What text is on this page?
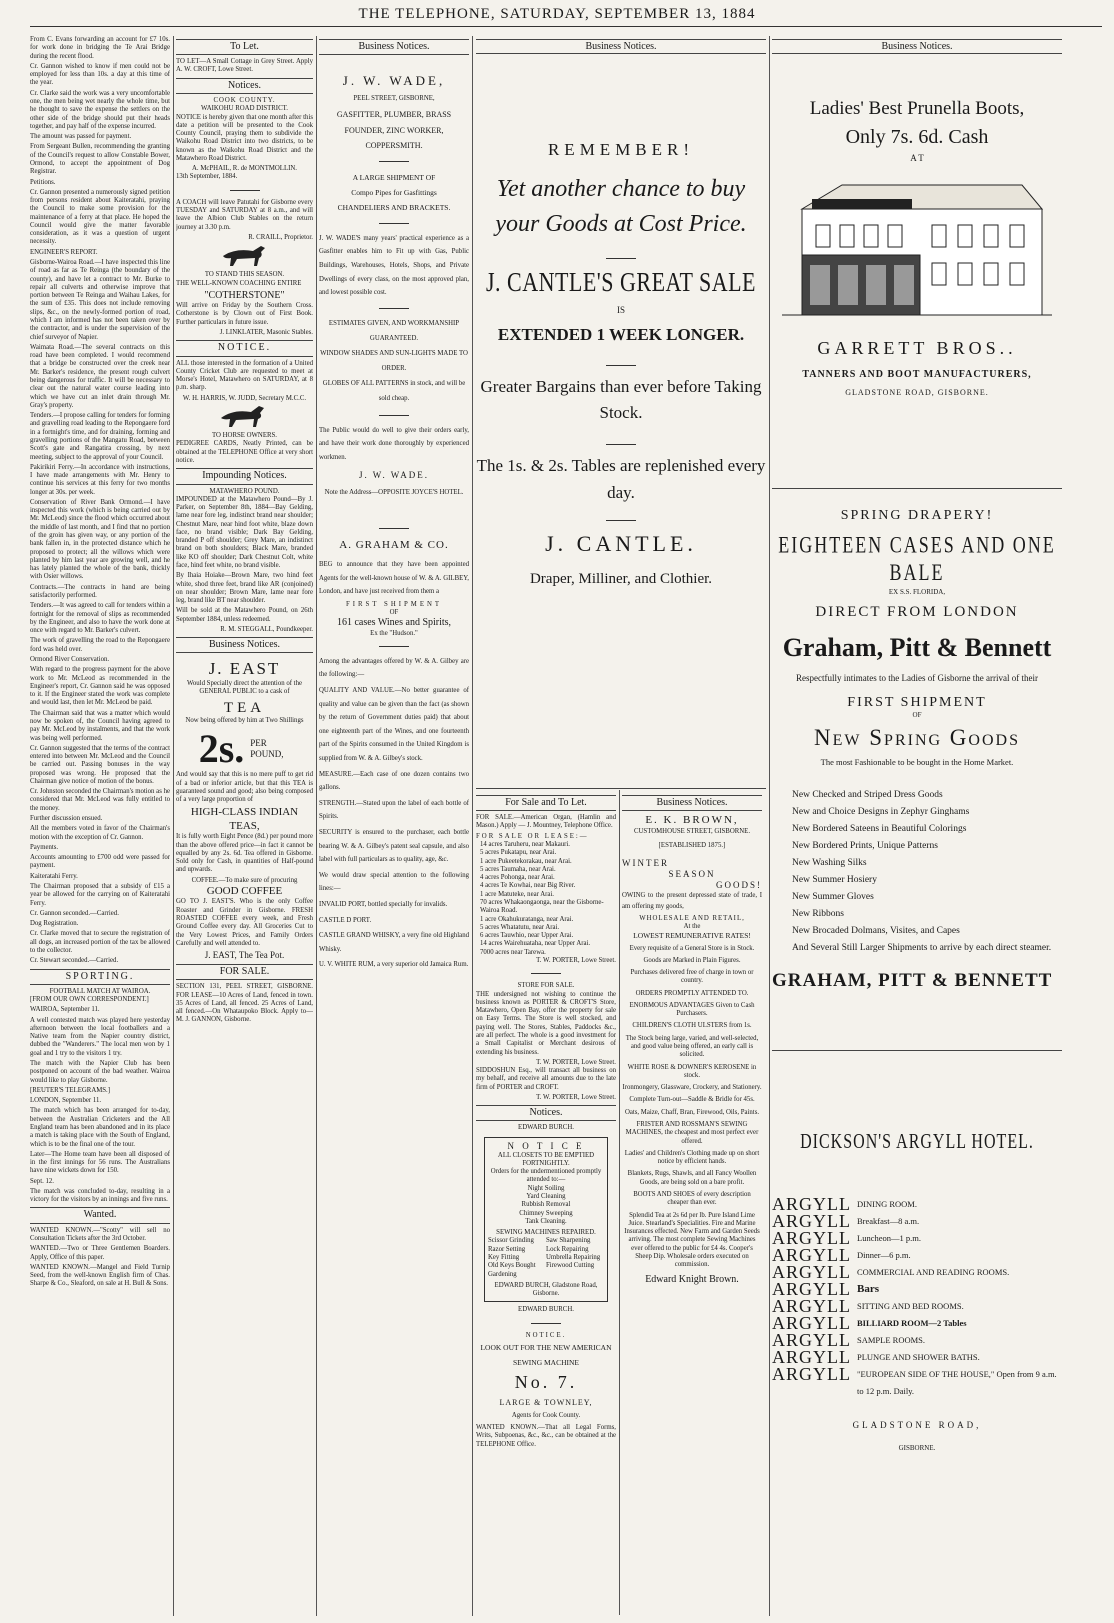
THE TELEPHONE, SATURDAY, SEPTEMBER 13, 1884
From C. Evans forwarding an account for £7 10s. for work done in bridging the Te Arai Bridge during the recent flood.
Cr. Gannon wished to know if men could not be employed for less than 10s. a day at this time of the year.
Cr. Clarke said the work was a very uncomfortable one, the men being wet nearly the whole time, but he thought to save the expense the settlers on the other side of the bridge should put their heads together, and pay half of the expense incurred.
The amount was passed for payment.
From Sergeant Bullen, recommending the granting of the Council's request to allow Constable Bower, Ormond, to accept the appointment of Dog Registrar.
Petitions.
Cr. Gannon presented a numerously signed petition from persons resident about Kaiteratahi, praying the Council to make some provision for the maintenance of a ferry at that place. He hoped the Council would give the matter favorable consideration, as it was a question of urgent necessity.
ENGINEER'S REPORT.
Gisborne-Wairoa Road.—I have inspected this line of road as far as Te Reinga (the boundary of the county), and have let a contract to Mr. Burke to repair all culverts and otherwise improve that portion between Te Reinga and Waihau Lakes, for the sum of £35. This does not include removing slips, &c., on the newly-formed portion of road, which I am informed has not been taken over by the contractor, and is under the supervision of the chief surveyor of Napier.
Waimata Road.—The several contracts on this road have been completed. I would recommend that a bridge be constructed over the creek near Mr. Barker's residence, the present rough culvert being dangerous for traffic. It will be necessary to clear out the natural water course leading into which we have cut an inlet drain through Mr. Gray's property.
Tenders.—I propose calling for tenders for forming and gravelling road leading to the Repongaere ford in a fortnight's time, and for draining, forming and gravelling portions of the Mangatu Road, between Scott's gate and Rangatira crossing, by next meeting, subject to the approval of your Council.
Pakirikiri Ferry.—In accordance with instructions, I have made arrangements with Mr. Henry to continue his services at this ferry for two months longer at 30s. per week.
Conservation of River Bank Ormond.—I have inspected this work (which is being carried out by Mr. McLeod) since the flood which occurred about the middle of last month, and I find that no portion of the groin has given way, or any portion of the bank fallen in, in the protected distance which he proposed to protect; all the willows which were planted by him last year are growing well, and he has lately planted the whole of the bank, thickly with Osier willows.
Contracts.—The contracts in hand are being satisfactorily performed.
Tenders.—It was agreed to call for tenders within a fortnight for the removal of slips as recommended by the Engineer, and also to have the work done at once with regard to Mr. Barker's culvert.
The work of gravelling the road to the Repongaere ford was held over.
Ormond River Conservation.
With regard to the progress payment for the above work to Mr. McLeod as recommended in the Engineer's report, Cr. Gannon said he was opposed to it. If the Engineer stated the work was complete and would last, then let Mr. McLeod be paid.
The Chairman said that was a matter which would now be spoken of, the Council having agreed to pay Mr. McLeod by instalments, and that the work was being well performed.
Cr. Gannon suggested that the terms of the contract entered into between Mr. McLeod and the Council be carried out. Passing bonuses in the way proposed was wrong. He proposed that the Chairman give notice of motion of the bonus.
Cr. Johnston seconded the Chairman's motion as he considered that Mr. McLeod was fully entitled to the money.
Further discussion ensued.
All the members voted in favor of the Chairman's motion with the exception of Cr. Gannon.
Payments.
Accounts amounting to £700 odd were passed for payment.
Kaiteratahi Ferry.
The Chairman proposed that a subsidy of £15 a year be allowed for the carrying on of Kaiteratahi Ferry.
Cr. Gannon seconded.—Carried.
Dog Registration.
Cr. Clarke moved that to secure the registration of all dogs, an increased portion of the tax be allowed to the collector.
Cr. Stewart seconded.—Carried.
SPORTING.
FOOTBALL MATCH AT WAIROA.
[FROM OUR OWN CORRESPONDENT.]
WAIROA, September 11.
A well contested match was played here yesterday afternoon between the local footballers and a Native team from the Napier country district, dubbed the "Wanderers." The local men won by 1 goal and 1 try to the visitors 1 try.
The match with the Napier Club has been postponed on account of the bad weather. Wairoa would like to play Gisborne.
[REUTER'S TELEGRAMS.]
LONDON, September 11.
The match which has been arranged for to-day, between the Australian Cricketers and the All England team has been abandoned and in its place a match is taking place with the South of England, which is to be the final one of the tour.
Later—The Home team have been all disposed of in the first innings for 56 runs. The Australians have nine wickets down for 150.
Sept. 12.
The match was concluded to-day, resulting in a victory for the visitors by an innings and five runs.
Wanted.
WANTED KNOWN.—"Scotty" will sell no Consultation Tickets after the 3rd October.
WANTED.—Two or Three Gentlemen Boarders. Apply, Office of this paper.
WANTED KNOWN.—Mangel and Field Turnip Seed, from the well-known English firm of Chas. Sharpe & Co., Sleaford, on sale at H. Bull & Sons.
To Let.

TO LET—A Small Cottage in Grey Street. Apply A. W. CROFT, Lowe Street.

Notices.
COOK COUNTY.
WAIKOHU ROAD DISTRICT.

NOTICE is hereby given that one month after this date a petition will be presented to the Cook County Council, praying them to subdivide the Waikohu Road District into two districts, to be known as the Waikohu Road District and the Matawhero Road District.

A. McPHAIL, R. de MONTMOLLIN.
13th September, 1884.

A COACH will leave Patutahi for Gisborne every TUESDAY and SATURDAY at 8 a.m., and will leave the Albion Club Stables on the return journey at 3.30 p.m.

R. CRAILL, Proprietor.
TO STAND THIS SEASON.

THE WELL-KNOWN COACHING ENTIRE

"COTHERSTONE"

Will arrive on Friday by the Southern Cross. Cotherstone is by Clown out of First Book. Further particulars in future issue.

J. LINKLATER, Masonic Stables.
NOTICE.

ALL those interested in the formation of a United County Cricket Club are requested to meet at Morse's Hotel, Matawhero on SATURDAY, at 8 p.m. sharp.

W. H. HARRIS, W. JUDD, Secretary M.C.C.
TO HORSE OWNERS.

PEDIGREE CARDS, Neatly Printed, can be obtained at the TELEPHONE Office at very short notice.

Impounding Notices.
MATAWHERO POUND.

IMPOUNDED at the Matawhero Pound—By J. Parker, on September 8th, 1884—Bay Gelding, lame near fore leg, indistinct brand near shoulder; Chestnut Mare, near hind foot white, blaze down face, no brand visible; Dark Bay Gelding, branded P off shoulder; Grey Mare, an indistinct brand on both shoulders; Black Mare, branded like KO off shoulder; Dark Chestnut Colt, white face, hind feet white, no brand visible.

By Ihaia Hoiake—Brown Mare, two hind feet white, shod three feet, brand like AR (conjoined) on near shoulder; Brown Mare, lame near fore leg, brand like BT near shoulder.

Will be sold at the Matawhero Pound, on 26th September 1884, unless redeemed.

R. M. STEGGALL, Poundkeeper.
Business Notices.
J. EAST

Would Specially direct the attention of the GENERAL PUBLIC to a cask of

TEA

Now being offered by him at Two Shillings

2s. PER POUND,

And would say that this is no mere puff to get rid of a bad or inferior article, but that this TEA is guaranteed sound and good; also being composed of a very large proportion of

HIGH-CLASS INDIAN TEAS,

It is fully worth Eight Pence (8d.) per pound more than the above offered price—in fact it cannot be equalled by any 2s. 6d. Tea offered in Gisborne. Sold only for Cash, in quantities of Half-pound and upwards.

COFFEE.—To make sure of procuring
GOOD COFFEE

GO TO J. EAST'S. Who is the only Coffee Roaster and Grinder in Gisborne. FRESH ROASTED COFFEE every week, and Fresh Ground Coffee every day. All Groceries Cut to the Very Lowest Prices, and Family Orders Carefully and well attended to.

J. EAST, The Tea Pot.
FOR SALE.

SECTION 131, PEEL STREET, GISBORNE. FOR LEASE—10 Acres of Land, fenced in town. 35 Acres of Land, all fenced. 25 Acres of Land, all fenced.—On Whataupoko Block. Apply to—M. J. GANNON, Gisborne.

Business Notices.
J. W. WADE,
PEEL STREET, GISBORNE,
GASFITTER, PLUMBER, BRASS
FOUNDER, ZINC WORKER,
COPPERSMITH.
A LARGE SHIPMENT OF
Compo Pipes for Gasfittings
CHANDELIERS AND BRACKETS.

J. W. WADE'S many years' practical experience as a Gasfitter enables him to Fit up with Gas, Public Buildings, Warehouses, Hotels, Shops, and Private Dwellings of every class, on the most approved plan, and lowest possible cost.

ESTIMATES GIVEN, AND WORKMANSHIP GUARANTEED.
WINDOW SHADES AND SUN-LIGHTS MADE TO ORDER.
GLOBES OF ALL PATTERNS in stock, and will be sold cheap.

The Public would do well to give their orders early, and have their work done thoroughly by experienced workmen.

J. W. WADE.
Note the Address—OPPOSITE JOYCE'S HOTEL.
A. GRAHAM & CO.

BEG to announce that they have been appointed Agents for the well-known house of W. & A. GILBEY, London, and have just received from them a

FIRST SHIPMENT
OF
161 cases Wines and Spirits,
Ex the "Hudson."

Among the advantages offered by W. & A. Gilbey are the following:—

QUALITY AND VALUE.—No better guarantee of quality and value can be given than the fact (as shown by the return of Government duties paid) that about one eighteenth part of the Wines, and one fourteenth part of the Spirits consumed in the United Kingdom is supplied from W. & A. Gilbey's stock.
MEASURE.—Each case of one dozen contains two gallons.
STRENGTH.—Stated upon the label of each bottle of Spirits.
SECURITY is ensured to the purchaser, each bottle bearing W. & A. Gilbey's patent seal capsule, and also label with full particulars as to quality, age, &c.
We would draw special attention to the following lines:—
INVALID PORT, bottled specially for invalids.
CASTLE D PORT.
CASTLE GRAND WHISKY, a very fine old Highland Whisky.
U. V. WHITE RUM, a very superior old Jamaica Rum.
Business Notices.
REMEMBER!
Yet another chance to buy your Goods at Cost Price.
J. CANTLE'S GREAT SALE
IS
EXTENDED 1 WEEK LONGER.
Greater Bargains than ever before Taking Stock.
The 1s. & 2s. Tables are replenished every day.
J. CANTLE.
Draper, Milliner, and Clothier.
Business Notices.
Ladies' Best Prunella Boots,
Only 7s. 6d. Cash
A T
GARRETT BROS..
TANNERS AND BOOT MANUFACTURERS,
GLADSTONE ROAD, GISBORNE.
SPRING DRAPERY!
EIGHTEEN CASES AND ONE BALE
EX S.S. FLORIDA,
DIRECT FROM LONDON
Graham, Pitt & Bennett
Respectfully intimates to the Ladies of Gisborne the arrival of their
FIRST SHIPMENT
OF
New Spring Goods
The most Fashionable to be bought in the Home Market.
New Checked and Striped Dress Goods
New and Choice Designs in Zephyr Ginghams
New Bordered Sateens in Beautiful Colorings
New Bordered Prints, Unique Patterns
New Washing Silks
New Summer Hosiery
New Summer Gloves
New Ribbons
New Brocaded Dolmans, Visites, and Capes
And Several Still Larger Shipments to arrive by each direct steamer.
GRAHAM, PITT & BENNETT
DICKSON'S ARGYLL HOTEL.
ARGYLL	DINING ROOM.
ARGYLL	Breakfast—8 a.m.
ARGYLL	Luncheon—1 p.m.
ARGYLL	Dinner—6 p.m.
ARGYLL	COMMERCIAL AND READING ROOMS.
ARGYLL	Bars
ARGYLL	SITTING AND BED ROOMS.
ARGYLL	BILLIARD ROOM—2 Tables
ARGYLL	SAMPLE ROOMS.
ARGYLL	PLUNGE AND SHOWER BATHS.
ARGYLL	"EUROPEAN SIDE OF THE HOUSE," Open from 9 a.m. to 12 p.m. Daily.
GLADSTONE ROAD,
GISBORNE.
For Sale and To Let.

FOR SALE.—American Organ, (Hamlin and Mason.) Apply — J. Mountney, Telephone Office.

FOR SALE OR LEASE:—
14 acres Taruheru, near Makauri.
5 acres Pukatapu, near Arai.
1 acre Pukeetekorakau, near Arai.
5 acres Taumaha, near Arai.
4 acres Pohonga, near Arai.
4 acres Te Kowhai, near Big River.
1 acre Matuteke, near Arai.
70 acres Whakaongaonga, near the Gisborne-Wairoa Road.
1 acre Okahukuratanga, near Arai.
5 acres Whatatutu, near Arai.
6 acres Tauwhio, near Upper Arai.
14 acres Wairehuataha, near Upper Arai.
7000 acres near Tarewa.
T. W. PORTER, Lowe Street.
STORE FOR SALE.

THE undersigned not wishing to continue the business known as PORTER & CROFT'S Store, Matawhero, Open Bay, offer the property for sale on Easy Terms. The Store is well stocked, and paying well. The Stores, Stables, Paddocks &c., are all perfect. The whole is a good investment for a Small Capitalist or Merchant desirous of extending his business.

T. W. PORTER, Lowe Street.

SIDDOSHUN Esq., will transact all business on my behalf, and receive all amounts due to the late firm of PORTER and CROFT.

T. W. PORTER, Lowe Street.
Notices.
EDWARD BURCH.
N O T I C E
ALL CLOSETS TO BE EMPTIED FORTNIGHTLY.
Orders for the undermentioned promptly attended to:—
Night Soiling
Yard Cleaning
Rubbish Removal
Chimney Sweeping
Tank Cleaning.
SEWING MACHINES REPAIRED.
Scissor Grinding	Saw Sharpening
Razor Setting	Lock Repairing
Key Fitting	Umbrella Repairing
Old Keys Bought	Firewood Cutting
Gardening
EDWARD BURCH, Gladstone Road, Gisborne.
EDWARD BURCH.
NOTICE.

LOOK OUT FOR THE NEW AMERICAN SEWING MACHINE

No. 7.
LARGE & TOWNLEY,
Agents for Cook County.

WANTED KNOWN.—That all Legal Forms, Writs, Subpoenas, &c., &c., can be obtained at the TELEPHONE Office.

Business Notices.
E. K. BROWN,
CUSTOMHOUSE STREET, GISBORNE.
[ESTABLISHED 1875.]
WINTER
SEASON
GOODS!

OWING to the present depressed state of trade, I am offering my goods,

WHOLESALE AND RETAIL,
At the
LOWEST REMUNERATIVE RATES!
Every requisite of a General Store is in Stock.
Goods are Marked in Plain Figures.
Purchases delivered free of charge in town or country.
ORDERS PROMPTLY ATTENDED TO.
ENORMOUS ADVANTAGES Given to Cash Purchasers.
CHILDREN'S CLOTH ULSTERS from 1s.
The Stock being large, varied, and well-selected, and good value being offered, an early call is solicited.
WHITE ROSE & DOWNER'S KEROSENE in stock.
Ironmongery, Glassware, Crockery, and Stationery.
Complete Turn-out—Saddle & Bridle for 45s.
Oats, Maize, Chaff, Bran, Firewood, Oils, Paints.
FRISTER AND ROSSMAN'S SEWING MACHINES, the cheapest and most perfect ever offered.
Ladies' and Children's Clothing made up on short notice by efficient hands.
Blankets, Rugs, Shawls, and all Fancy Woollen Goods, are being sold on a bare profit.
BOOTS AND SHOES of every description cheaper than ever.
Splendid Tea at 2s 6d per lb. Pure Island Lime Juice. Stearland's Specialities. Fire and Marine Insurances effected. New Farm and Garden Seeds arriving. The most complete Sewing Machines ever offered to the public for £4 4s. Cooper's Sheep Dip. Wholesale orders executed on commission.
Edward Knight Brown.
